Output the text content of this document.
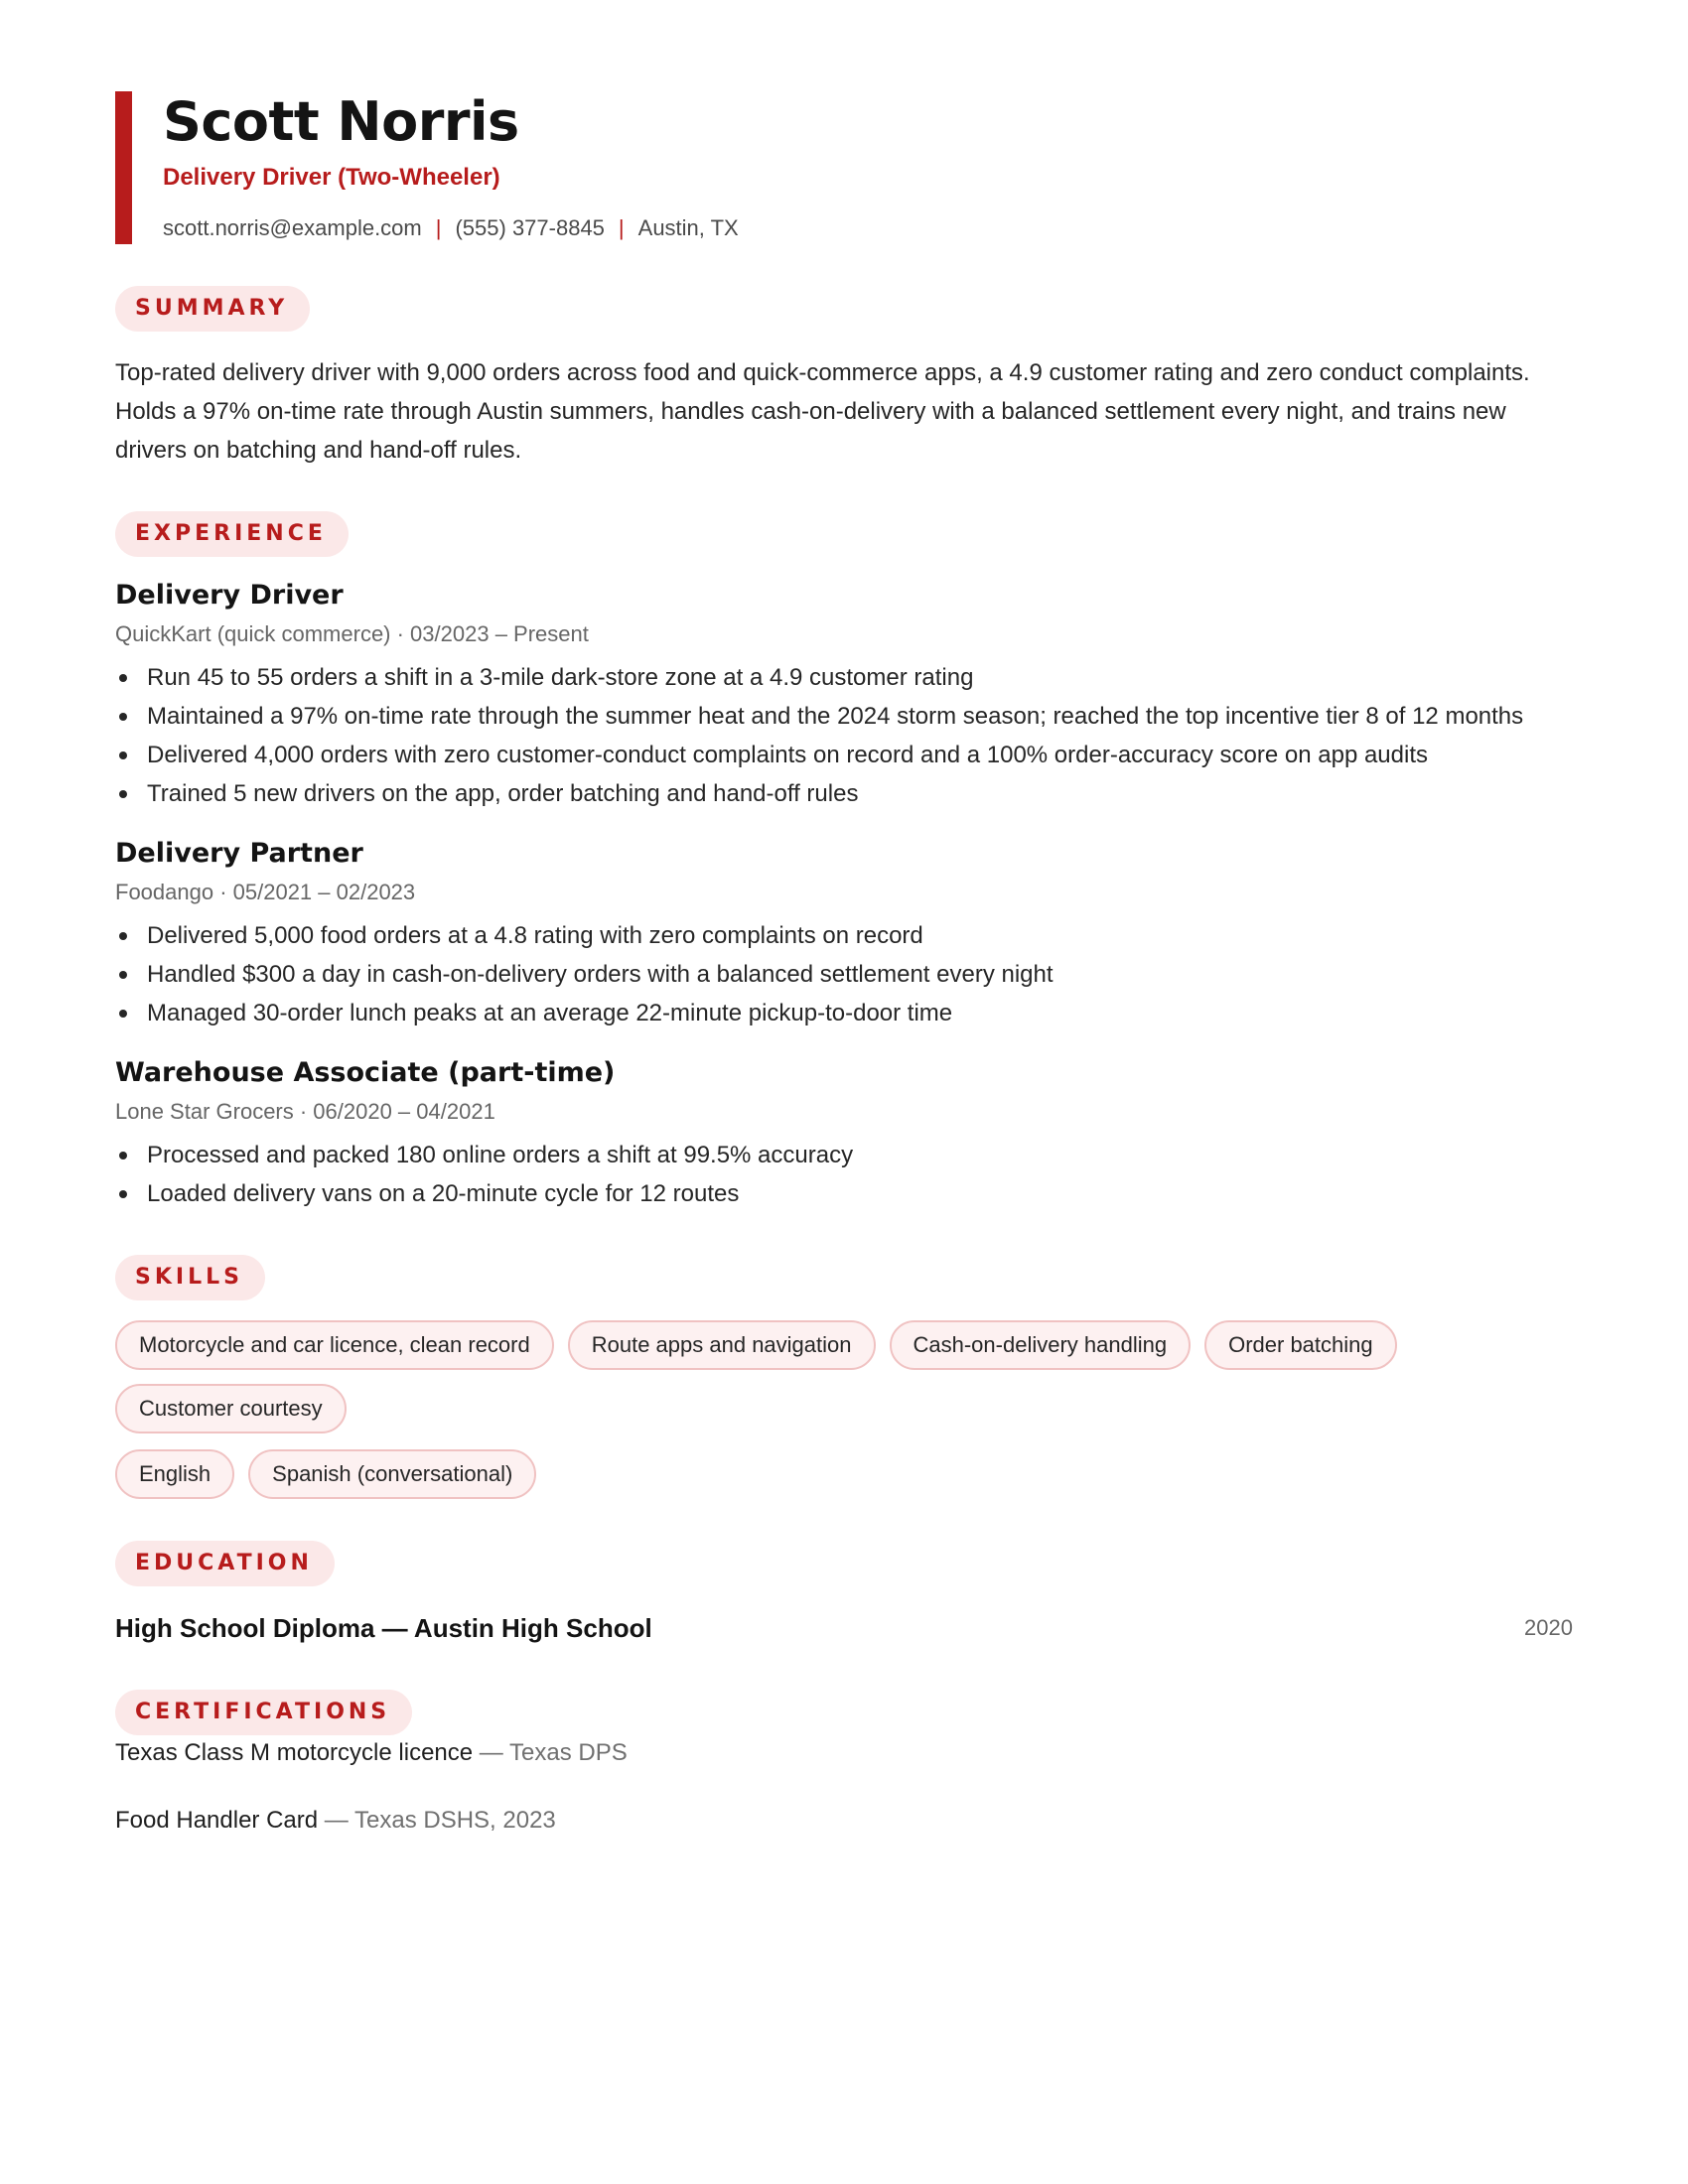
Scott Norris
Delivery Driver (Two-Wheeler)
scott.norris@example.com | (555) 377-8845 | Austin, TX
SUMMARY
Top-rated delivery driver with 9,000 orders across food and quick-commerce apps, a 4.9 customer rating and zero conduct complaints. Holds a 97% on-time rate through Austin summers, handles cash-on-delivery with a balanced settlement every night, and trains new drivers on batching and hand-off rules.
EXPERIENCE
Delivery Driver
QuickKart (quick commerce) · 03/2023 – Present
Run 45 to 55 orders a shift in a 3-mile dark-store zone at a 4.9 customer rating
Maintained a 97% on-time rate through the summer heat and the 2024 storm season; reached the top incentive tier 8 of 12 months
Delivered 4,000 orders with zero customer-conduct complaints on record and a 100% order-accuracy score on app audits
Trained 5 new drivers on the app, order batching and hand-off rules
Delivery Partner
Foodango · 05/2021 – 02/2023
Delivered 5,000 food orders at a 4.8 rating with zero complaints on record
Handled $300 a day in cash-on-delivery orders with a balanced settlement every night
Managed 30-order lunch peaks at an average 22-minute pickup-to-door time
Warehouse Associate (part-time)
Lone Star Grocers · 06/2020 – 04/2021
Processed and packed 180 online orders a shift at 99.5% accuracy
Loaded delivery vans on a 20-minute cycle for 12 routes
SKILLS
Motorcycle and car licence, clean record	Route apps and navigation	Cash-on-delivery handling	Order batching
Customer courtesy
English	Spanish (conversational)
EDUCATION
High School Diploma — Austin High School	2020
CERTIFICATIONS
Texas Class M motorcycle licence — Texas DPS
Food Handler Card — Texas DSHS, 2023
